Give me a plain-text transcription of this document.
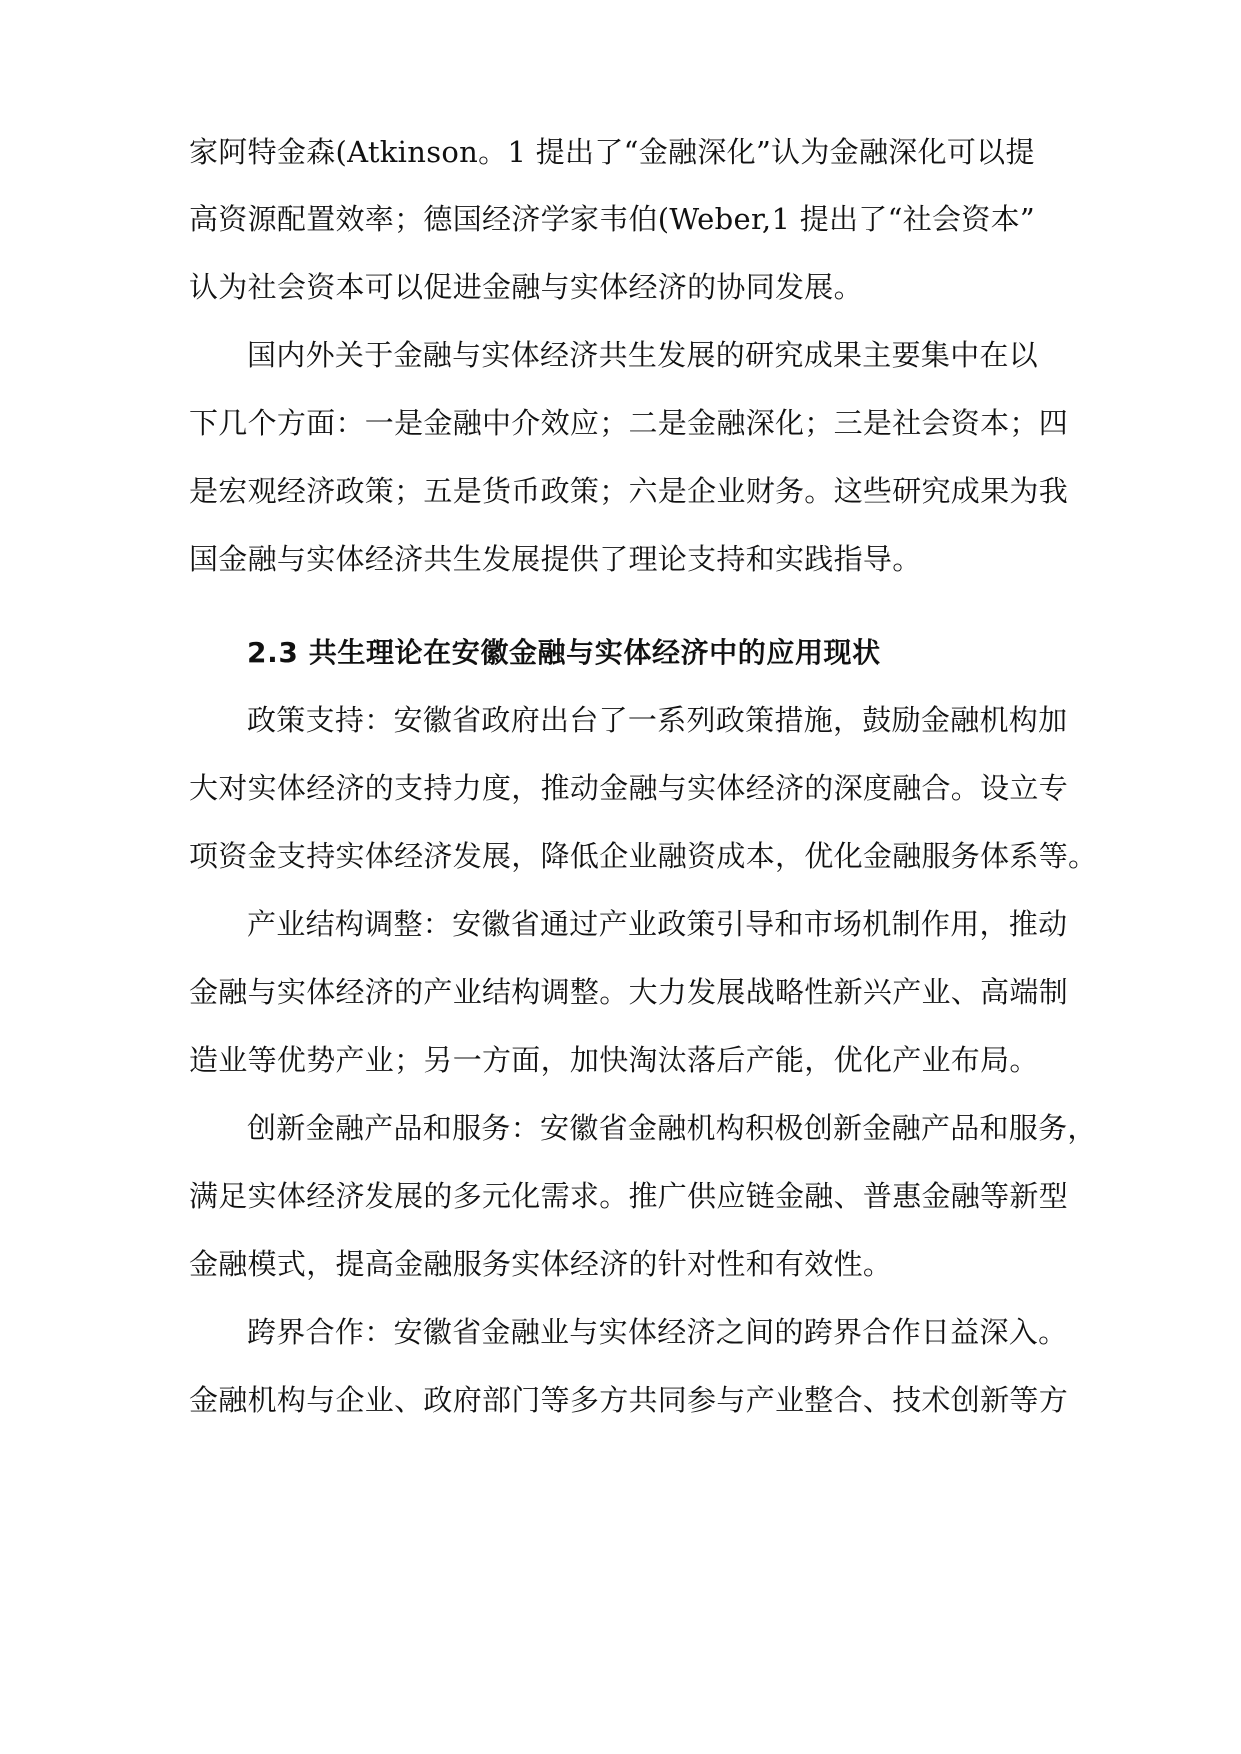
家阿特金森(Atkinson。1 提出了“金融深化”认为金融深化可以提
高资源配置效率；德国经济学家韦伯(Weber,1 提出了“社会资本”
认为社会资本可以促进金融与实体经济的协同发展。
国内外关于金融与实体经济共生发展的研究成果主要集中在以
下几个方面：一是金融中介效应；二是金融深化；三是社会资本；四
是宏观经济政策；五是货币政策；六是企业财务。这些研究成果为我
国金融与实体经济共生发展提供了理论支持和实践指导。
2.3 共生理论在安徽金融与实体经济中的应用现状
政策支持：安徽省政府出台了一系列政策措施，鼓励金融机构加
大对实体经济的支持力度，推动金融与实体经济的深度融合。设立专
项资金支持实体经济发展，降低企业融资成本，优化金融服务体系等。
产业结构调整：安徽省通过产业政策引导和市场机制作用，推动
金融与实体经济的产业结构调整。大力发展战略性新兴产业、高端制
造业等优势产业；另一方面，加快淘汰落后产能，优化产业布局。
创新金融产品和服务：安徽省金融机构积极创新金融产品和服务，
满足实体经济发展的多元化需求。推广供应链金融、普惠金融等新型
金融模式，提高金融服务实体经济的针对性和有效性。
跨界合作：安徽省金融业与实体经济之间的跨界合作日益深入。
金融机构与企业、政府部门等多方共同参与产业整合、技术创新等方
